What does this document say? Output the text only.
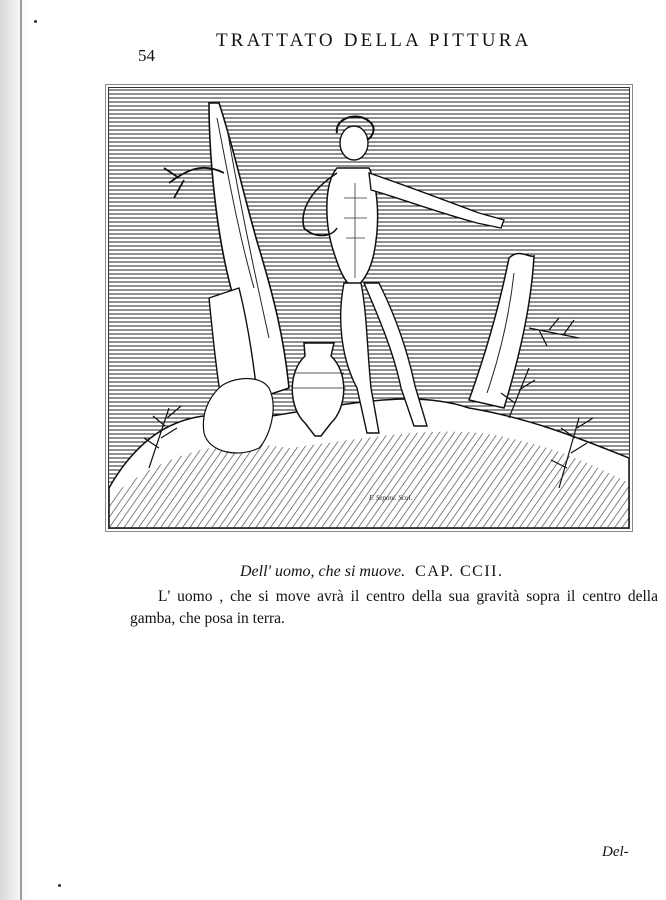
54
TRATTATO DELLA PITTURA
F. Seponi. Scul.
Dell' uomo, che si muove. CAP. CCII.
L' uomo , che si move avrà il centro della sua gravità sopra il centro della gamba, che posa in terra.
Del-
